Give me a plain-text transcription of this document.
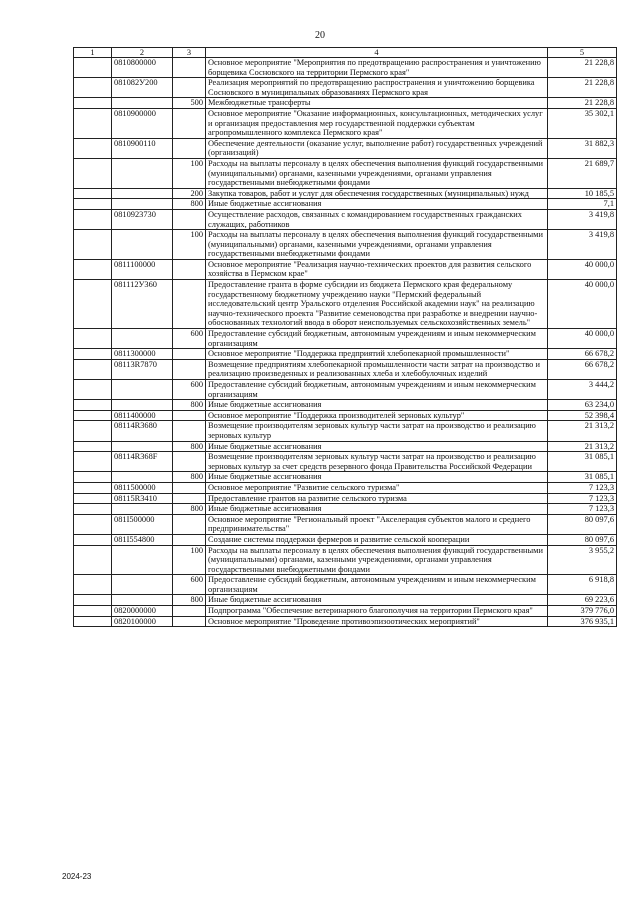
20
1	2	3	4	5
	0810800000		Основное мероприятие "Мероприятия по предотвращению распространения и уничтожению борщевика Сосновского на территории Пермского края"	21 228,8
	081082У200		Реализация мероприятий по предотвращению распространения и уничтожению борщевика Сосновского в муниципальных образованиях Пермского края	21 228,8
		500	Межбюджетные трансферты	21 228,8
	0810900000		Основное мероприятие "Оказание информационных, консультационных, методических услуг и организация предоставления мер государственной поддержки субъектам агропромышленного комплекса Пермского края"	35 302,1
	0810900110		Обеспечение деятельности (оказание услуг, выполнение работ) государственных учреждений (организаций)	31 882,3
		100	Расходы на выплаты персоналу в целях обеспечения выполнения функций государственными (муниципальными) органами, казенными учреждениями, органами управления государственными внебюджетными фондами	21 689,7
		200	Закупка товаров, работ и услуг для обеспечения государственных (муниципальных) нужд	10 185,5
		800	Иные бюджетные ассигнования	7,1
	0810923730		Осуществление расходов, связанных с командированием государственных гражданских служащих, работников	3 419,8
		100	Расходы на выплаты персоналу в целях обеспечения выполнения функций государственными (муниципальными) органами, казенными учреждениями, органами управления государственными внебюджетными фондами	3 419,8
	0811100000		Основное мероприятие "Реализация научно-технических проектов для развития сельского хозяйства в Пермском крае"	40 000,0
	081112У360		Предоставление гранта в форме субсидии из бюджета Пермского края федеральному государственному бюджетному учреждению науки "Пермский федеральный исследовательский центр Уральского отделения Российской академии наук" на реализацию научно-технического проекта "Развитие семеноводства при разработке и внедрении научно-обоснованных технологий ввода в оборот неиспользуемых сельскохозяйственных земель"	40 000,0
		600	Предоставление субсидий бюджетным, автономным учреждениям и иным некоммерческим организациям	40 000,0
	0811300000		Основное мероприятие "Поддержка предприятий хлебопекарной промышленности"	66 678,2
	08113R7870		Возмещение предприятиям хлебопекарной промышленности части затрат на производство и реализацию произведенных и реализованных хлеба и хлебобулочных изделий	66 678,2
		600	Предоставление субсидий бюджетным, автономным учреждениям и иным некоммерческим организациям	3 444,2
		800	Иные бюджетные ассигнования	63 234,0
	0811400000		Основное мероприятие "Поддержка производителей зерновых культур"	52 398,4
	08114R3680		Возмещение производителям зерновых культур части затрат на производство и реализацию зерновых культур	21 313,2
		800	Иные бюджетные ассигнования	21 313,2
	08114R368F		Возмещение производителям зерновых культур части затрат на производство и реализацию зерновых культур за счет средств резервного фонда Правительства Российской Федерации	31 085,1
		800	Иные бюджетные ассигнования	31 085,1
	0811500000		Основное мероприятие "Развитие сельского туризма"	7 123,3
	08115R3410		Предоставление грантов на развитие сельского туризма	7 123,3
		800	Иные бюджетные ассигнования	7 123,3
	081I500000		Основное мероприятие "Региональный проект "Акселерация субъектов малого и среднего предпринимательства"	80 097,6
	081I554800		Создание системы поддержки фермеров и развитие сельской кооперации	80 097,6
		100	Расходы на выплаты персоналу в целях обеспечения выполнения функций государственными (муниципальными) органами, казенными учреждениями, органами управления государственными внебюджетными фондами	3 955,2
		600	Предоставление субсидий бюджетным, автономным учреждениям и иным некоммерческим организациям	6 918,8
		800	Иные бюджетные ассигнования	69 223,6
	0820000000		Подпрограмма "Обеспечение ветеринарного благополучия на территории Пермского края"	379 776,0
	0820100000		Основное мероприятие "Проведение противоэпизоотических мероприятий"	376 935,1
2024-23
